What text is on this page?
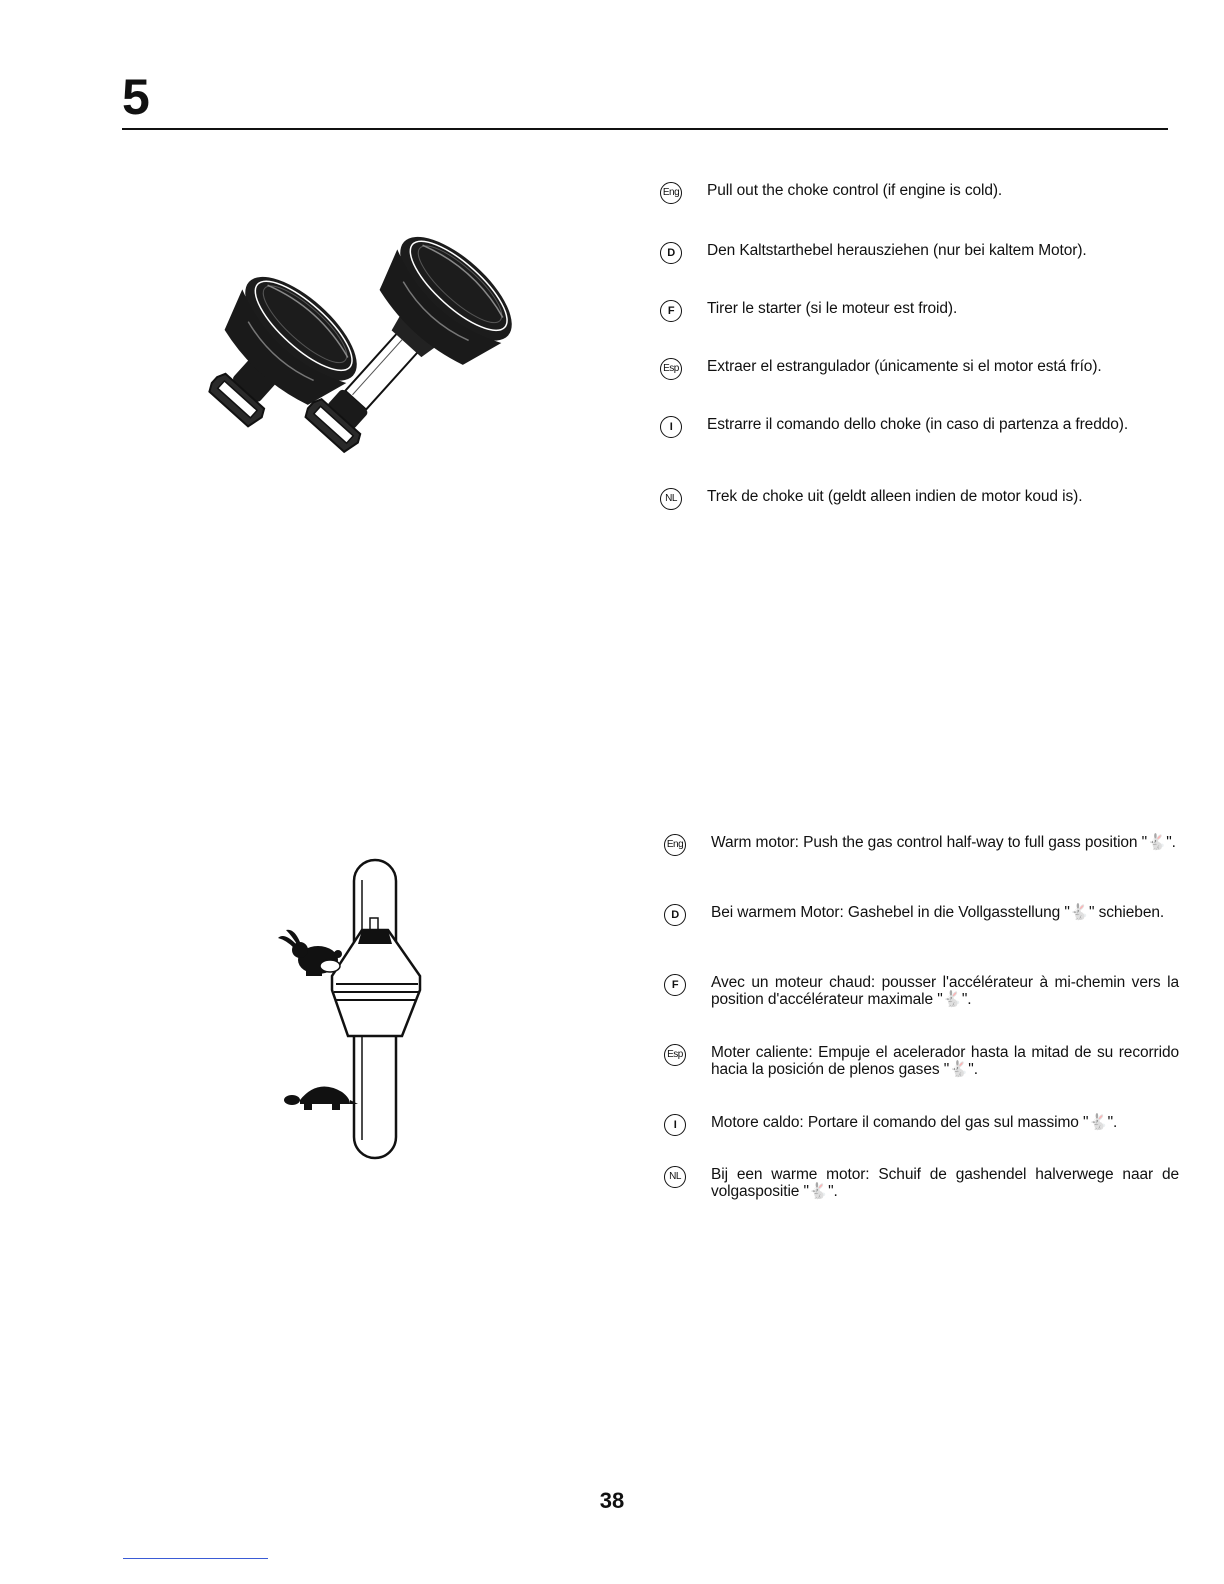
5
Eng Pull out the choke control (if engine is cold).
D	Den Kaltstarthebel herausziehen (nur bei kaltem Motor).
F	Tirer le starter (si le moteur est froid).
Esp Extraer el estrangulador (únicamente si el motor está frío).
I	Estrarre il comando dello choke (in caso di partenza a freddo).
NL	Trek de choke uit (geldt alleen indien de motor koud is).
Eng Warm motor: Push the gas control half-way to full gass position "🐇".
D	Bei warmem Motor: Gashebel in die Vollgasstellung "🐇" schieben.
F	Avec un moteur chaud: pousser l'accélérateur à mi-chemin vers la position d'accélérateur maximale "🐇".
Esp Moter caliente: Empuje el acelerador hasta la mitad de su recorrido hacia la posición de plenos gases "🐇".
I	Motore caldo: Portare il comando del gas sul massimo "🐇".
NL	Bij een warme motor: Schuif de gashendel halverwege naar de volgaspositie "🐇".
38
